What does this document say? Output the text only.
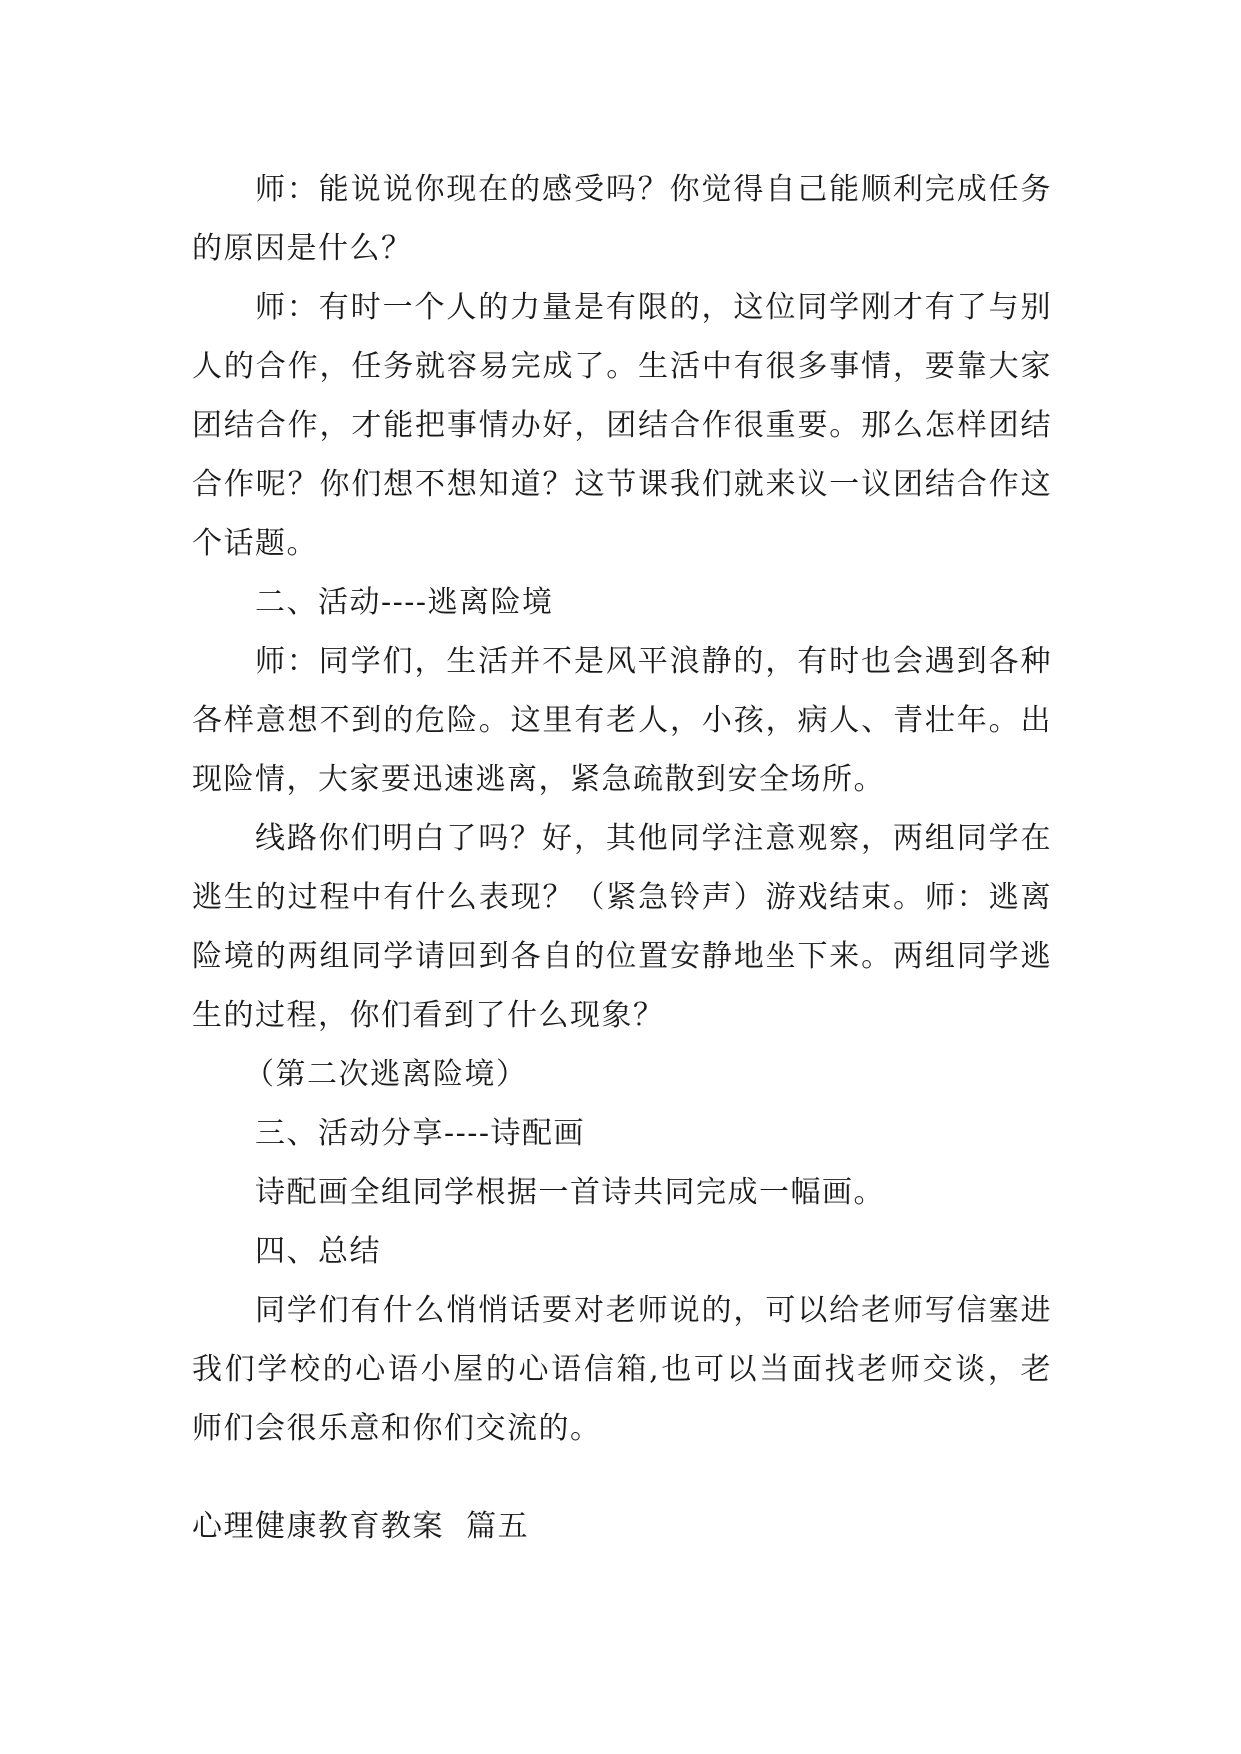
师：能说说你现在的感受吗？你觉得自己能顺利完成任务的原因是什么？

师：有时一个人的力量是有限的，这位同学刚才有了与别人的合作，任务就容易完成了。生活中有很多事情，要靠大家团结合作，才能把事情办好，团结合作很重要。那么怎样团结合作呢？你们想不想知道？这节课我们就来议一议团结合作这个话题。

二、活动----逃离险境

师：同学们，生活并不是风平浪静的，有时也会遇到各种各样意想不到的危险。这里有老人，小孩，病人、青壮年。出现险情，大家要迅速逃离，紧急疏散到安全场所。

线路你们明白了吗？好，其他同学注意观察，两组同学在逃生的过程中有什么表现？（紧急铃声）游戏结束。师：逃离险境的两组同学请回到各自的位置安静地坐下来。两组同学逃生的过程，你们看到了什么现象？

（第二次逃离险境）

三、活动分享----诗配画

诗配画全组同学根据一首诗共同完成一幅画。

四、总结

同学们有什么悄悄话要对老师说的，可以给老师写信塞进我们学校的心语小屋的心语信箱,也可以当面找老师交谈，老师们会很乐意和你们交流的。

心理健康教育教案  篇五
